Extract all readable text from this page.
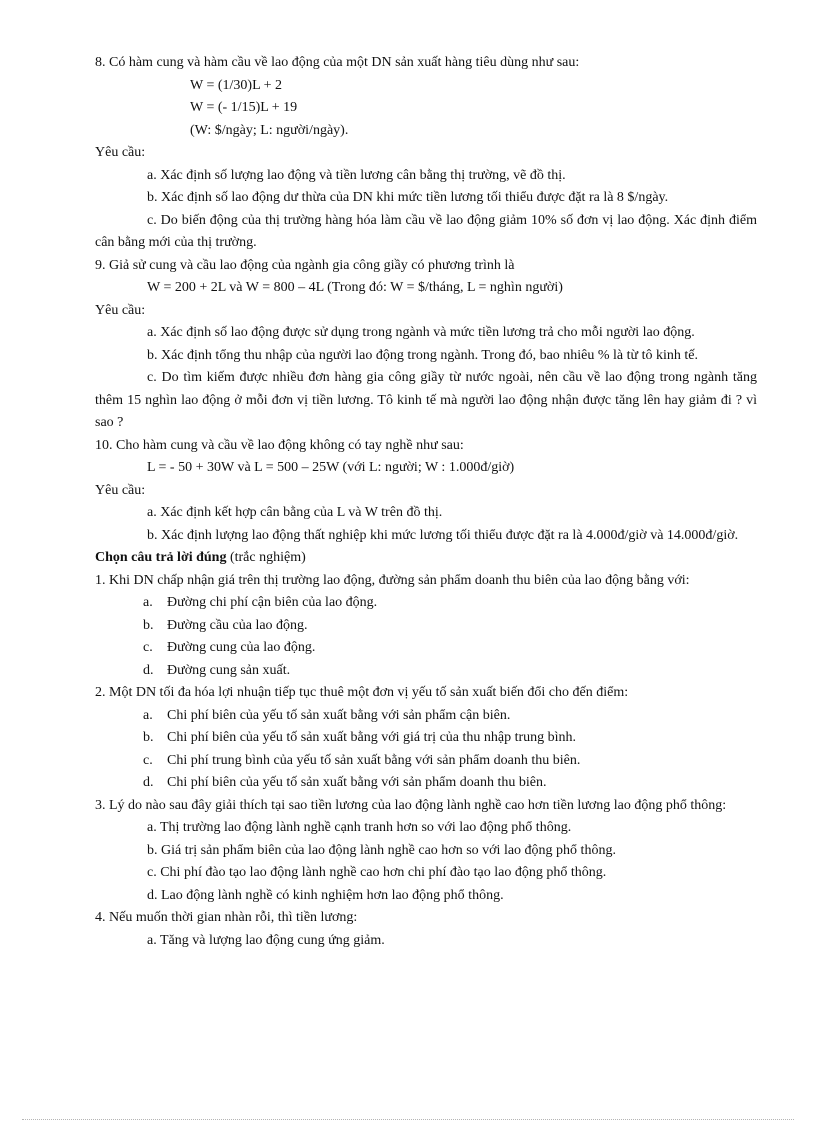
8. Có hàm cung và hàm cầu về lao động của một DN sản xuất hàng tiêu dùng như sau:

W = (1/30)L + 2

W = (- 1/15)L + 19

(W: $/ngày; L: người/ngày).

Yêu cầu:

a. Xác định số lượng lao động và tiền lương cân bằng thị trường, vẽ đồ thị.

b. Xác định số lao động dư thừa của DN khi mức tiền lương tối thiểu được đặt ra là 8 $/ngày.

c. Do biến động của thị trường hàng hóa làm cầu về lao động giảm 10% số đơn vị lao động. Xác định điểm cân bằng mới của thị trường.

9. Giả sử cung và cầu lao động của ngành gia công giầy có phương trình là

W = 200 + 2L và W = 800 – 4L (Trong đó: W = $/tháng, L = nghìn người)

Yêu cầu:

a. Xác định số lao động được sử dụng trong ngành và mức tiền lương trả cho mỗi người lao động.

b. Xác định tổng thu nhập của người lao động trong ngành. Trong đó, bao nhiêu % là từ tô kinh tế.

c. Do tìm kiếm được nhiều đơn hàng gia công giầy từ nước ngoài, nên cầu về lao động trong ngành tăng thêm 15 nghìn lao động ở mỗi đơn vị tiền lương. Tô kinh tế mà người lao động nhận được tăng lên hay giảm đi ? vì sao ?

10. Cho hàm cung và cầu về lao động không có tay nghề như sau:

L = - 50 + 30W và L = 500 – 25W (với L: người; W : 1.000đ/giờ)

Yêu cầu:

a. Xác định kết hợp cân bằng của L và W trên đồ thị.

b. Xác định lượng lao động thất nghiệp khi mức lương tối thiểu được đặt ra là 4.000đ/giờ và 14.000đ/giờ.

Chọn câu trả lời đúng (trắc nghiệm)

1. Khi DN chấp nhận giá trên thị trường lao động, đường sản phẩm doanh thu biên của lao động bằng với:

a.	Đường chi phí cận biên của lao động.
b. Đường cầu của lao động.
c.	Đường cung của lao động.
d. Đường cung sản xuất.

2. Một DN tối đa hóa lợi nhuận tiếp tục thuê một đơn vị yếu tố sản xuất biến đổi cho đến điểm:

a.	Chi phí biên của yếu tố sản xuất bằng với sản phẩm cận biên.
b. Chi phí biên của yếu tố sản xuất bằng với giá trị của thu nhập trung bình.
c.	Chi phí trung bình của yếu tố sản xuất bằng với sản phẩm doanh thu biên.
d. Chi phí biên của yếu tố sản xuất bằng với sản phẩm doanh thu biên.

3. Lý do nào sau đây giải thích tại sao tiền lương của lao động lành nghề cao hơn tiền lương lao động phổ thông:

a. Thị trường lao động lành nghề cạnh tranh hơn so với lao động phổ thông.

b. Giá trị sản phẩm biên của lao động lành nghề cao hơn so với lao động phổ thông.

c. Chi phí đào tạo lao động lành nghề cao hơn chi phí đào tạo lao động phổ thông.

d. Lao động lành nghề có kinh nghiệm hơn lao động phổ thông.

4. Nếu muốn thời gian nhàn rỗi, thì tiền lương:

a. Tăng và lượng lao động cung ứng giảm.
